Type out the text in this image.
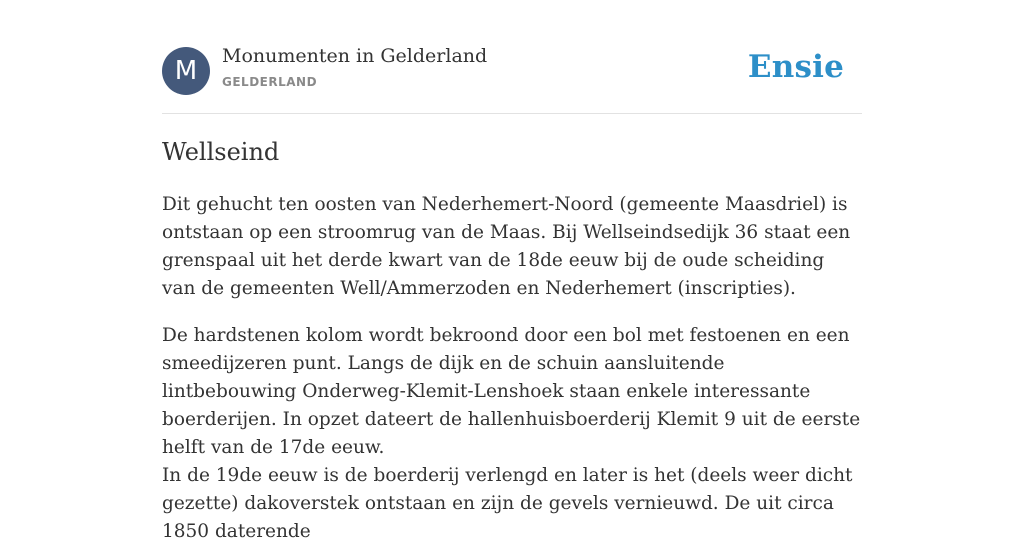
M	Monumenten in Gelderland
GELDERLAND	Ensie
Wellseind

Dit gehucht ten oosten van Nederhemert-Noord (gemeente Maasdriel) is ontstaan op een stroomrug van de Maas. Bij Wellseindsedijk 36 staat een grenspaal uit het derde kwart van de 18de eeuw bij de oude scheiding van de gemeenten Well/Ammerzoden en Nederhemert (inscripties).

De hardstenen kolom wordt bekroond door een bol met festoenen en een smeedijzeren punt. Langs de dijk en de schuin aansluitende lintbebouwing Onderweg-Klemit-Lenshoek staan enkele interessante boerderijen. In opzet dateert de hallenhuisboerderij Klemit 9 uit de eerste helft van de 17de eeuw.

In de 19de eeuw is de boerderij verlengd en later is het (deels weer dicht gezette) dakoverstek ontstaan en zijn de gevels vernieuwd. De uit circa 1850 daterende
